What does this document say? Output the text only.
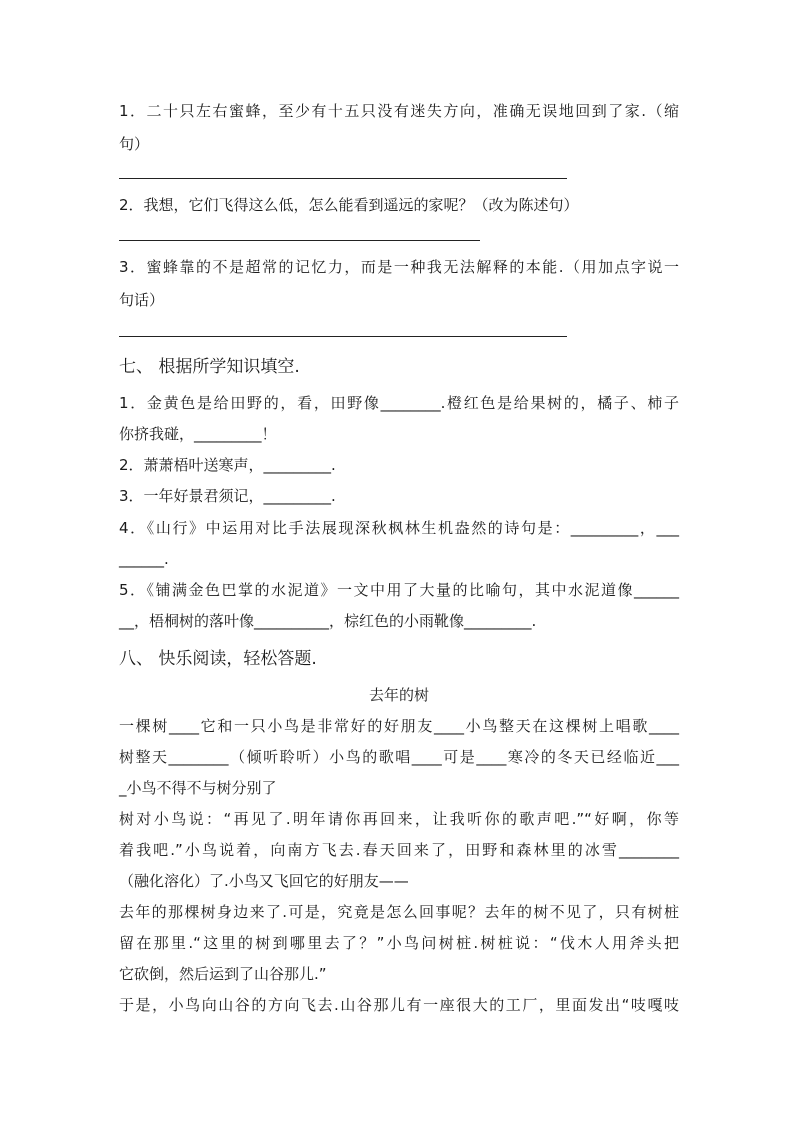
1．二十只左右蜜蜂，至少有十五只没有迷失方向，准确无误地回到了家.（缩
句）
2．我想，它们飞得这么低，怎么能看到遥远的家呢？（改为陈述句）
3．蜜蜂靠的不是超常的记忆力，而是一种我无法解释的本能.（用加点字说一
句话）
七、 根据所学知识填空.
1．金黄色是给田野的，看，田野像________.橙红色是给果树的，橘子、柿子
你挤我碰，_________！
2．萧萧梧叶送寒声，_________.
3．一年好景君须记，_________.
4．《山行》中运用对比手法展现深秋枫林生机盎然的诗句是：_________，___
______.
5．《铺满金色巴掌的水泥道》一文中用了大量的比喻句，其中水泥道像______
__，梧桐树的落叶像__________，棕红色的小雨靴像_________.
八、 快乐阅读，轻松答题.
去年的树
一棵树____它和一只小鸟是非常好的好朋友____小鸟整天在这棵树上唱歌____
树整天________（倾听聆听）小鸟的歌唱____可是____寒冷的冬天已经临近___
_小鸟不得不与树分别了
树对小鸟说：“再见了.明年请你再回来，让我听你的歌声吧.”“好啊，你等
着我吧.”小鸟说着，向南方飞去.春天回来了，田野和森林里的冰雪________
（融化溶化）了.小鸟又飞回它的好朋友——
去年的那棵树身边来了.可是，究竟是怎么回事呢？去年的树不见了，只有树桩
留在那里.“这里的树到哪里去了？”小鸟问树桩.树桩说：“伐木人用斧头把
它砍倒，然后运到了山谷那儿.”
于是，小鸟向山谷的方向飞去.山谷那儿有一座很大的工厂，里面发出“吱嘎吱
